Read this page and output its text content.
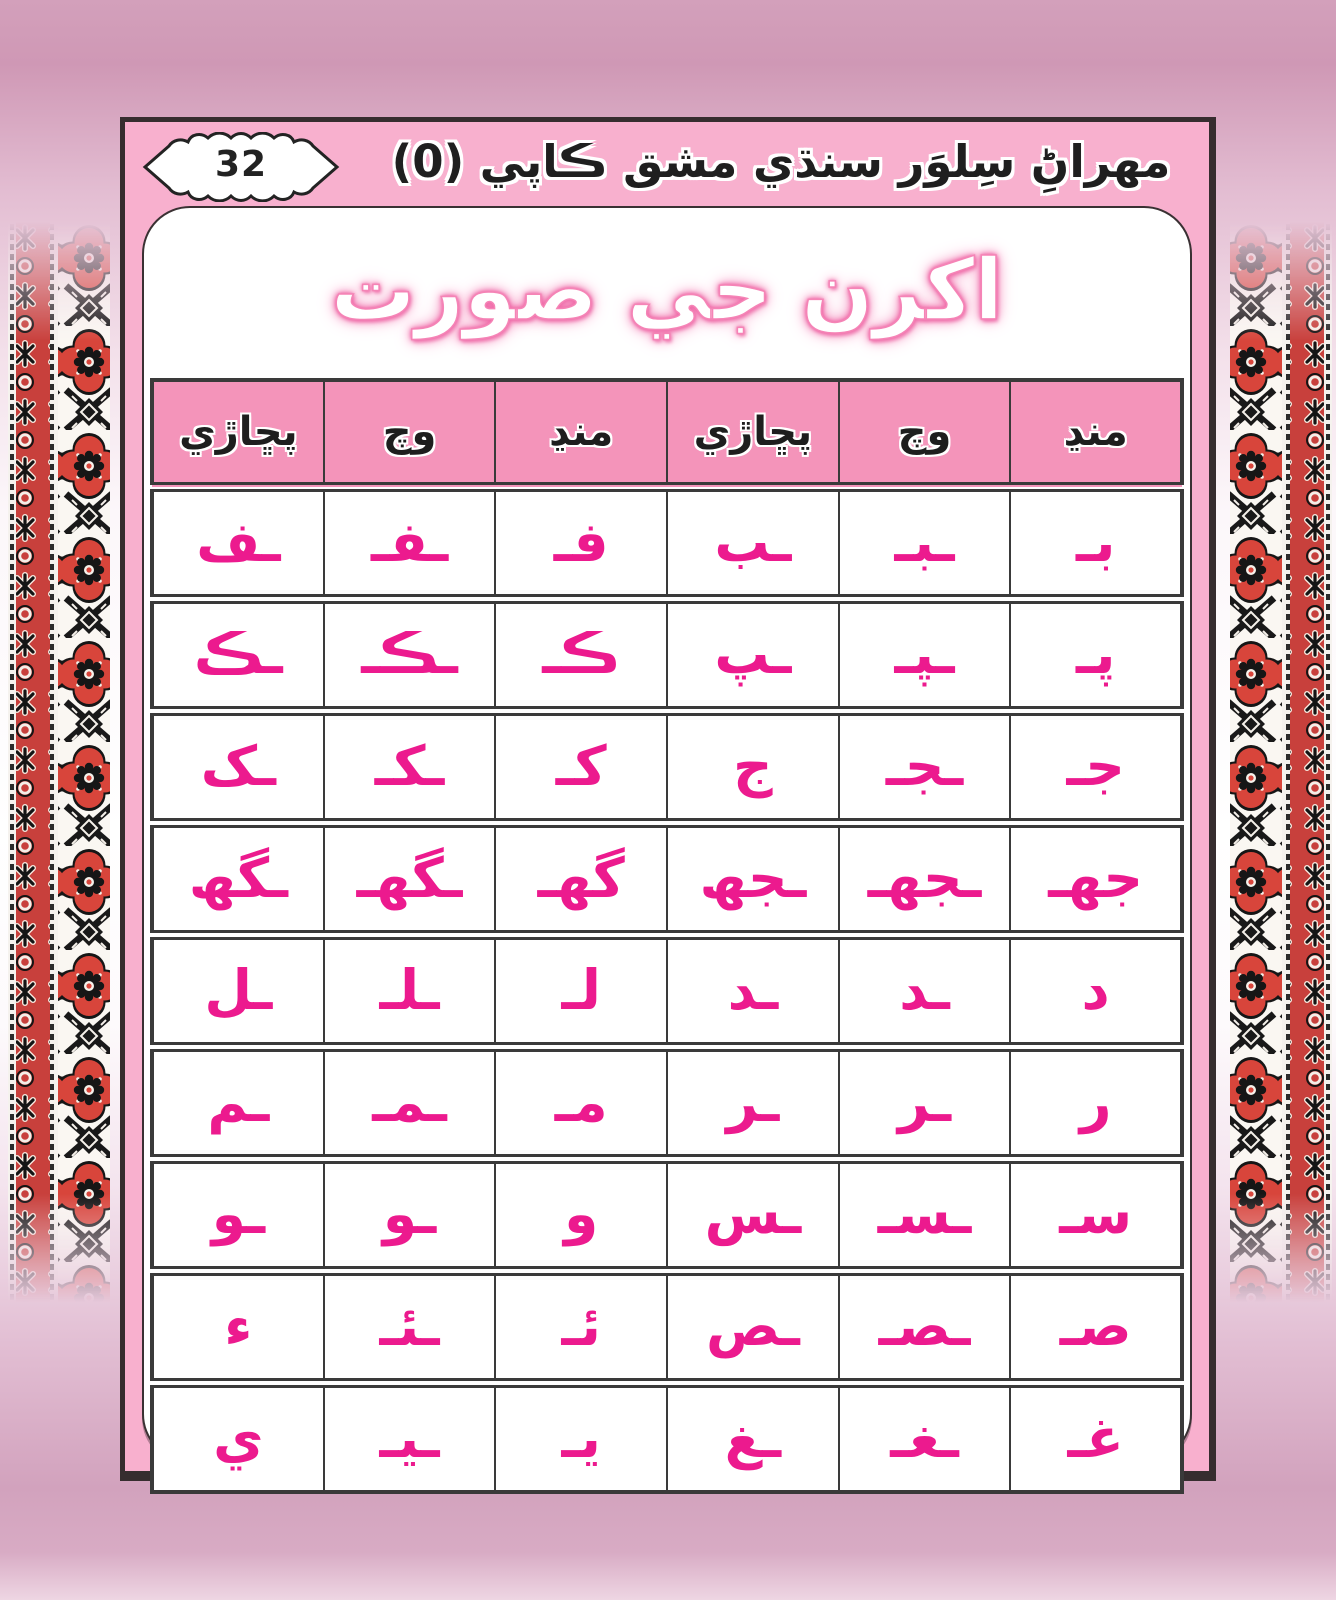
32	مهراڻِ سِلوَر سنڌي مشق ڪاپي (0)
اکرن جي صورت
منڍ	وچ	پڇاڙي	منڍ	وچ	پڇاڙي
بـ	ـبـ	ـب	فـ	ـفـ	ـف
پـ	ـپـ	ـپ	ڪـ	ـڪـ	ـڪ
جـ	ـجـ	ج	کـ	ـکـ	ـک
جھـ	ـجھـ	ـجھ	گھـ	ـگھـ	ـگھ
د	ـد	ـد	لـ	ـلـ	ـل
ر	ـر	ـر	مـ	ـمـ	ـم
سـ	ـسـ	ـس	و	ـو	ـو
صـ	ـصـ	ـص	ئـ	ـئـ	ء
غـ	ـغـ	ـغ	يـ	ـيـ	ي
